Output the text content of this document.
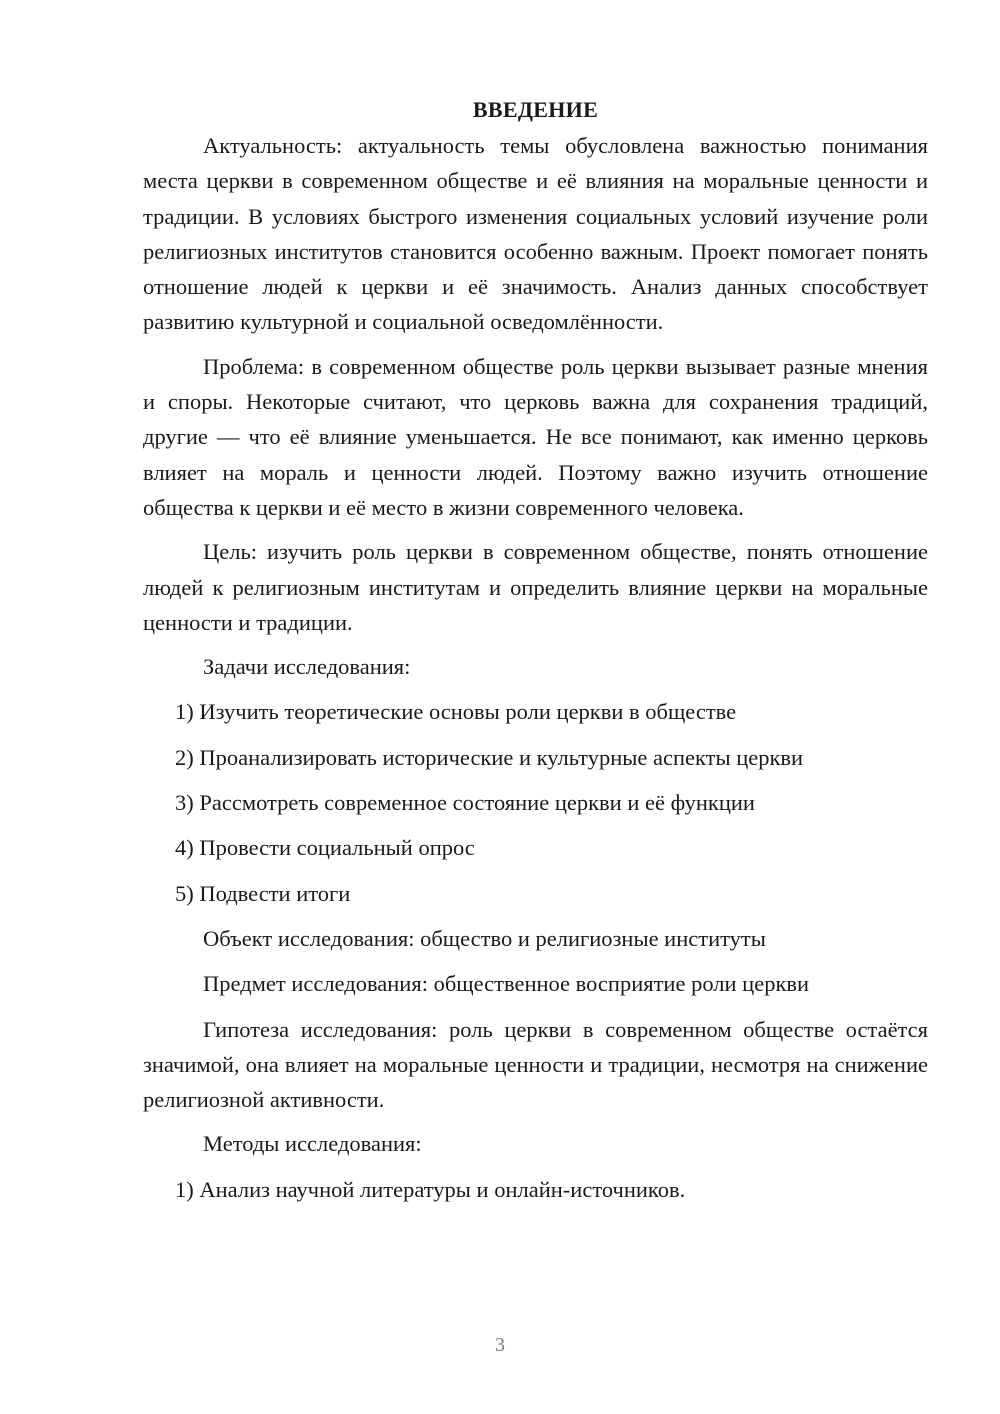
ВВЕДЕНИЕ

Актуальность: актуальность темы обусловлена важностью понимания места церкви в современном обществе и её влияния на моральные ценности и традиции. В условиях быстрого изменения социальных условий изучение роли религиозных институтов становится особенно важным. Проект помогает понять отношение людей к церкви и её значимость. Анализ данных способствует развитию культурной и социальной осведомлённости.

Проблема: в современном обществе роль церкви вызывает разные мнения и споры. Некоторые считают, что церковь важна для сохранения традиций, другие — что её влияние уменьшается. Не все понимают, как именно церковь влияет на мораль и ценности людей. Поэтому важно изучить отношение общества к церкви и её место в жизни современного человека.

Цель: изучить роль церкви в современном обществе, понять отношение людей к религиозным институтам и определить влияние церкви на моральные ценности и традиции.

Задачи исследования:
1) Изучить теоретические основы роли церкви в обществе
2) Проанализировать исторические и культурные аспекты церкви
3) Рассмотреть современное состояние церкви и её функции
4) Провести социальный опрос
5) Подвести итоги
Объект исследования: общество и религиозные институты
Предмет исследования: общественное восприятие роли церкви

Гипотеза исследования: роль церкви в современном обществе остаётся значимой, она влияет на моральные ценности и традиции, несмотря на снижение религиозной активности.

Методы исследования:
1) Анализ научной литературы и онлайн-источников.
3
